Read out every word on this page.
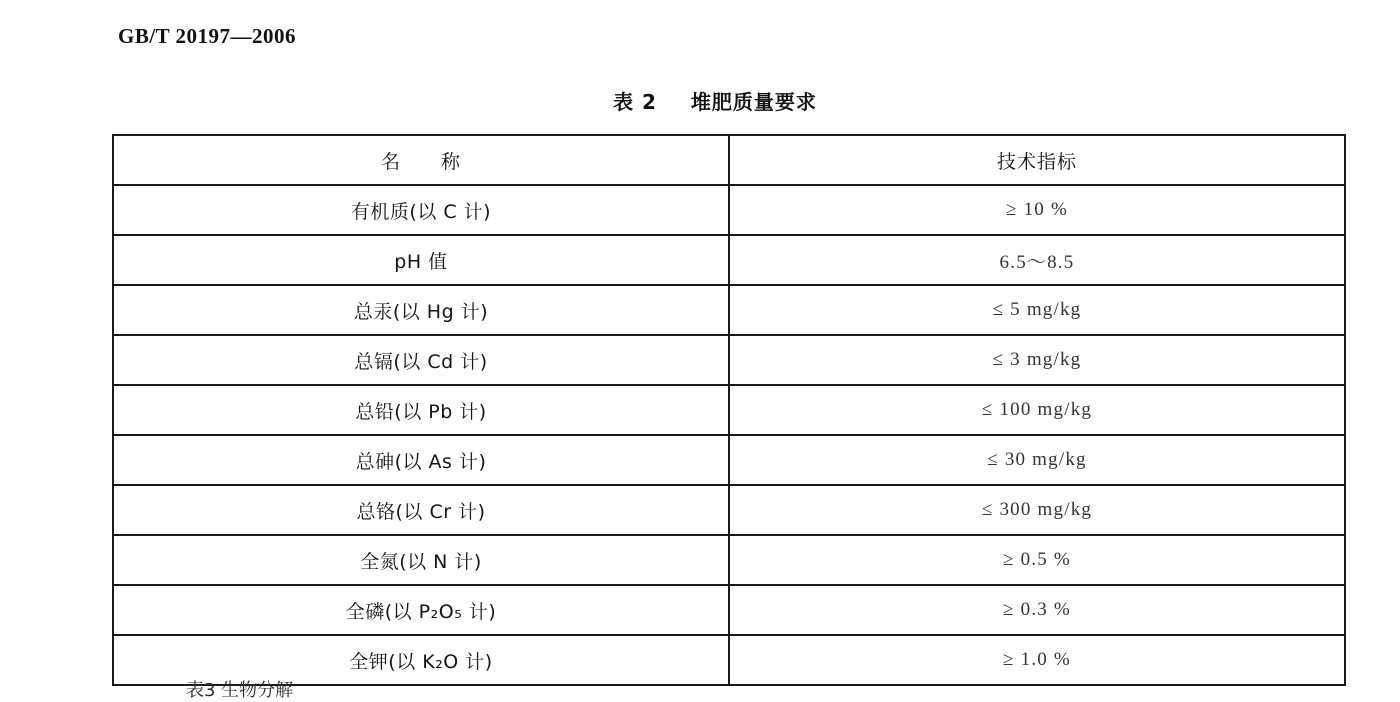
GB/T 20197—2006
表 2 堆肥质量要求
名 称	技术指标
有机质(以 C 计)	≥ 10 %
pH 值	6.5～8.5
总汞(以 Hg 计)	≤ 5 mg/kg
总镉(以 Cd 计)	≤ 3 mg/kg
总铅(以 Pb 计)	≤ 100 mg/kg
总砷(以 As 计)	≤ 30 mg/kg
总铬(以 Cr 计)	≤ 300 mg/kg
全氮(以 N 计)	≥ 0.5 %
全磷(以 P₂O₅ 计)	≥ 0.3 %
全钾(以 K₂O 计)	≥ 1.0 %
表3 生物分解
